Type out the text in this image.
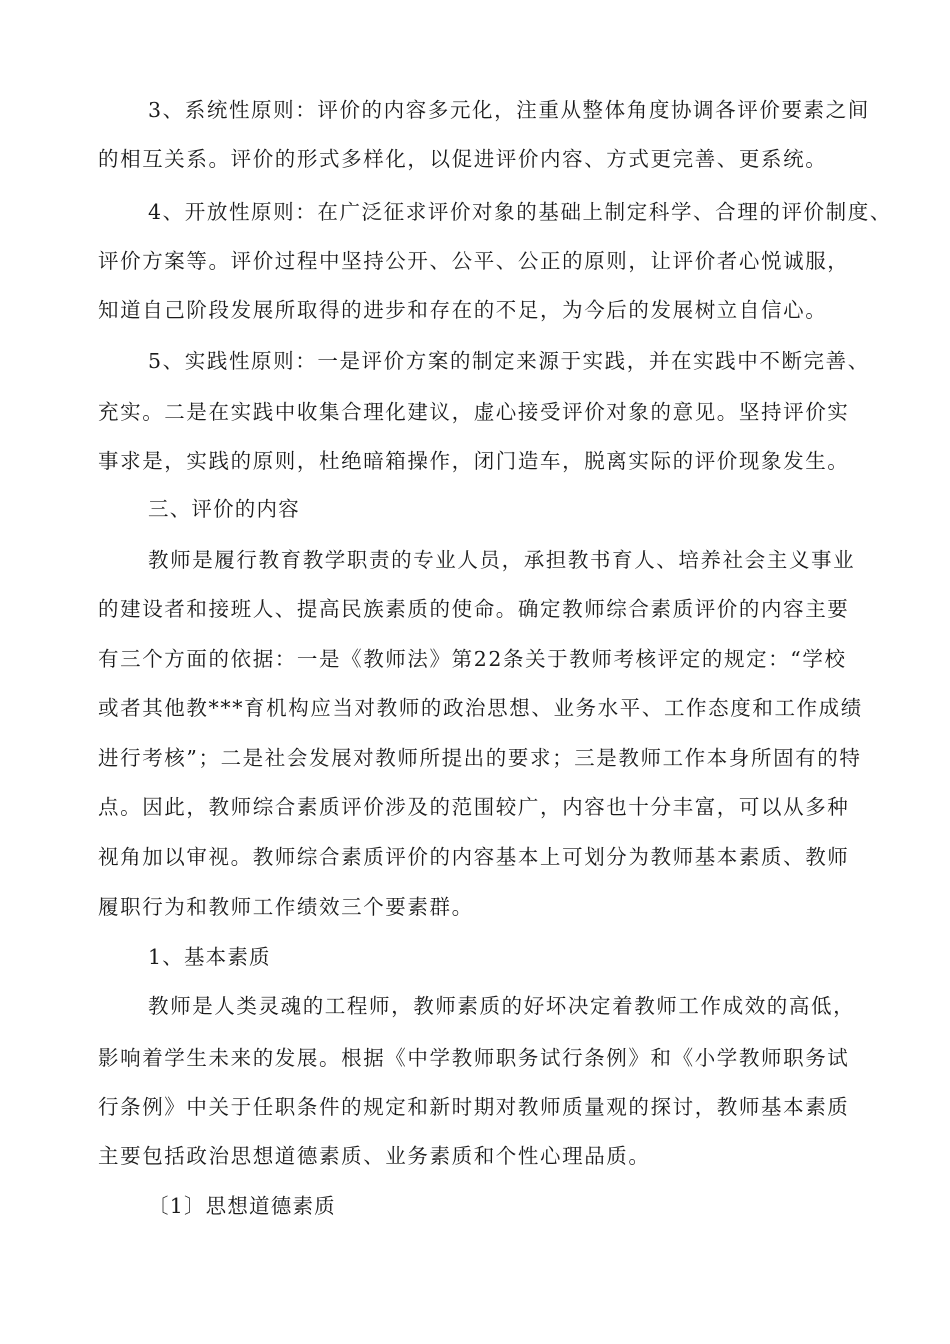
3、系统性原则：评价的内容多元化，注重从整体角度协调各评价要素之间
的相互关系。评价的形式多样化，以促进评价内容、方式更完善、更系统。
4、开放性原则：在广泛征求评价对象的基础上制定科学、合理的评价制度、
评价方案等。评价过程中坚持公开、公平、公正的原则，让评价者心悦诚服，
知道自己阶段发展所取得的进步和存在的不足，为今后的发展树立自信心。
5、实践性原则：一是评价方案的制定来源于实践，并在实践中不断完善、
充实。二是在实践中收集合理化建议，虚心接受评价对象的意见。坚持评价实
事求是，实践的原则，杜绝暗箱操作，闭门造车，脱离实际的评价现象发生。
三、评价的内容
教师是履行教育教学职责的专业人员，承担教书育人、培养社会主义事业
的建设者和接班人、提高民族素质的使命。确定教师综合素质评价的内容主要
有三个方面的依据：一是《教师法》第22条关于教师考核评定的规定：“学校
或者其他教***育机构应当对教师的政治思想、业务水平、工作态度和工作成绩
进行考核”；二是社会发展对教师所提出的要求；三是教师工作本身所固有的特
点。因此，教师综合素质评价涉及的范围较广，内容也十分丰富，可以从多种
视角加以审视。教师综合素质评价的内容基本上可划分为教师基本素质、教师
履职行为和教师工作绩效三个要素群。
1、基本素质
教师是人类灵魂的工程师，教师素质的好坏决定着教师工作成效的高低，
影响着学生未来的发展。根据《中学教师职务试行条例》和《小学教师职务试
行条例》中关于任职条件的规定和新时期对教师质量观的探讨，教师基本素质
主要包括政治思想道德素质、业务素质和个性心理品质。
〔1〕思想道德素质
